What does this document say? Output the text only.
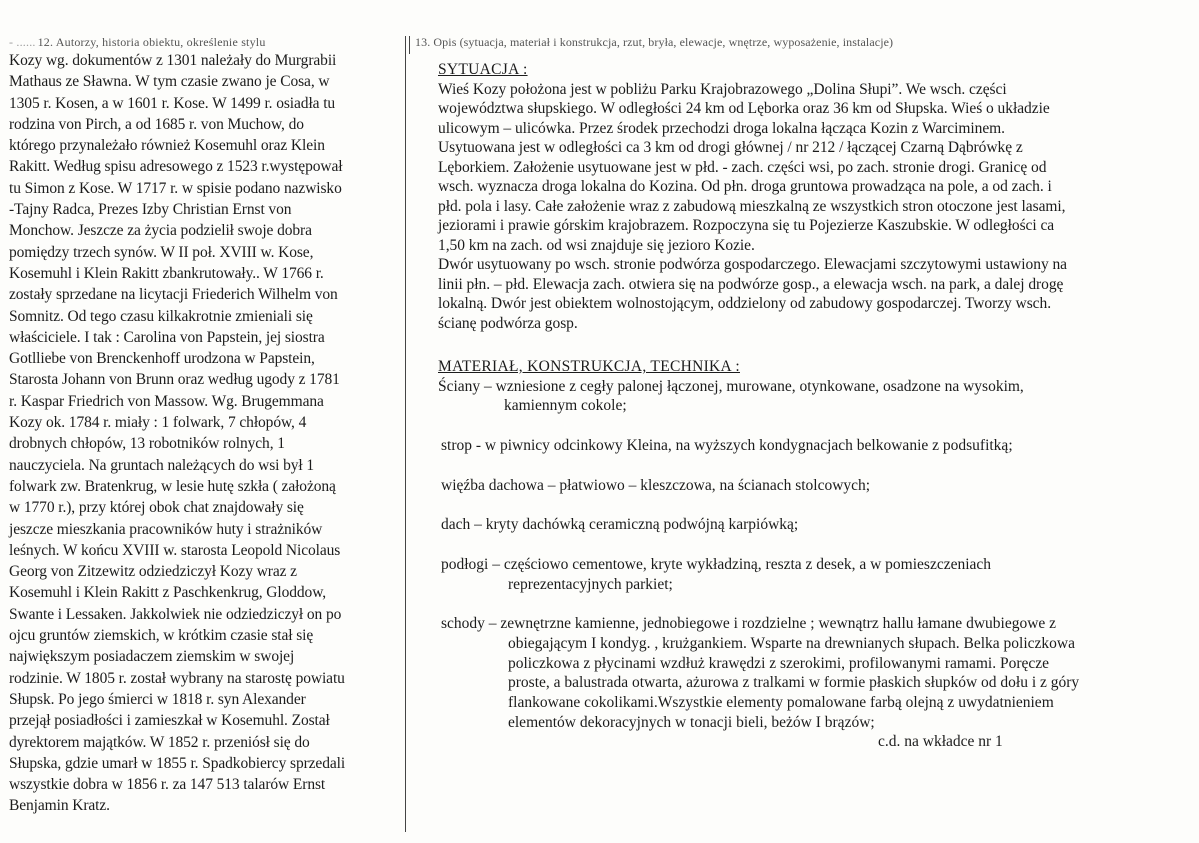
- ...... 12. Autorzy, historia obiektu, określenie stylu
Kozy wg. dokumentów z 1301 należały do Murgrabii
Mathaus ze Sławna. W tym czasie zwano je Cosa, w
1305 r. Kosen, a w 1601 r. Kose. W 1499 r. osiadła tu
rodzina von Pirch, a od 1685 r. von Muchow, do
którego przynależało również Kosemuhl oraz Klein
Rakitt. Według spisu adresowego z 1523 r.występował
tu Simon z Kose. W 1717 r. w spisie podano nazwisko
-Tajny Radca, Prezes Izby Christian Ernst von
Monchow. Jeszcze za życia podzielił swoje dobra
pomiędzy trzech synów. W II poł. XVIII w. Kose,
Kosemuhl i Klein Rakitt zbankrutowały.. W 1766 r.
zostały sprzedane na licytacji Friederich Wilhelm von
Somnitz. Od tego czasu kilkakrotnie zmieniali się
właściciele. I tak : Carolina von Papstein, jej siostra
Gotlliebe von Brenckenhoff urodzona w Papstein,
Starosta Johann von Brunn oraz według ugody z 1781
r. Kaspar Friedrich von Massow. Wg. Brugemmana
Kozy ok. 1784 r. miały : 1 folwark, 7 chłopów, 4
drobnych chłopów, 13 robotników rolnych, 1
nauczyciela. Na gruntach należących do wsi był 1
folwark zw. Bratenkrug, w lesie hutę szkła ( założoną
w 1770 r.), przy której obok chat znajdowały się
jeszcze mieszkania pracowników huty i strażników
leśnych. W końcu XVIII w. starosta Leopold Nicolaus
Georg von Zitzewitz odziedziczył Kozy wraz z
Kosemuhl i Klein Rakitt z Paschkenkrug, Gloddow,
Swante i Lessaken. Jakkolwiek nie odziedziczył on po
ojcu gruntów ziemskich, w krótkim czasie stał się
największym posiadaczem ziemskim w swojej
rodzinie. W 1805 r. został wybrany na starostę powiatu
Słupsk. Po jego śmierci w 1818 r. syn Alexander
przejął posiadłości i zamieszkał w Kosemuhl. Został
dyrektorem majątków. W 1852 r. przeniósł się do
Słupska, gdzie umarł w 1855 r. Spadkobiercy sprzedali
wszystkie dobra w 1856 r. za 147 513 talarów Ernst
Benjamin Kratz.
13. Opis (sytuacja, materiał i konstrukcja, rzut, bryła, elewacje, wnętrze, wyposażenie, instalacje)
SYTUACJA :
Wieś Kozy położona jest w pobliżu Parku Krajobrazowego „Dolina Słupi”. We wsch. części
województwa słupskiego. W odległości 24 km od Lęborka oraz 36 km od Słupska. Wieś o układzie
ulicowym – ulicówka. Przez środek przechodzi droga lokalna łącząca Kozin z Warciminem.
Usytuowana jest w odległości ca 3 km od drogi głównej / nr 212 / łączącej Czarną Dąbrówkę z
Lęborkiem. Założenie usytuowane jest w płd. - zach. części wsi, po zach. stronie drogi. Granicę od
wsch. wyznacza droga lokalna do Kozina. Od płn. droga gruntowa prowadząca na pole, a od zach. i
płd. pola i lasy. Całe założenie wraz z zabudową mieszkalną ze wszystkich stron otoczone jest lasami,
jeziorami i prawie górskim krajobrazem. Rozpoczyna się tu Pojezierze Kaszubskie. W odległości ca
1,50 km na zach. od wsi znajduje się jezioro Kozie.
Dwór usytuowany po wsch. stronie podwórza gospodarczego. Elewacjami szczytowymi ustawiony na
linii płn. – płd. Elewacja zach. otwiera się na podwórze gosp., a elewacja wsch. na park, a dalej drogę
lokalną. Dwór jest obiektem wolnostojącym, oddzielony od zabudowy gospodarczej. Tworzy wsch.
ścianę podwórza gosp.
MATERIAŁ, KONSTRUKCJA, TECHNIKA :
Ściany – wzniesione z cegły palonej łączonej, murowane, otynkowane, osadzone na wysokim,
kamiennym cokole;
strop - w piwnicy odcinkowy Kleina, na wyższych kondygnacjach belkowanie z podsufitką;
więźba dachowa – płatwiowo – kleszczowa, na ścianach stolcowych;
dach – kryty dachówką ceramiczną podwójną karpiówką;
podłogi – częściowo cementowe, kryte wykładziną, reszta z desek, a w pomieszczeniach
reprezentacyjnych parkiet;
schody – zewnętrzne kamienne, jednobiegowe i rozdzielne ; wewnątrz hallu łamane dwubiegowe z
obiegającym I kondyg. , krużgankiem. Wsparte na drewnianych słupach. Belka policzkowa
policzkowa z płycinami wzdłuż krawędzi z szerokimi, profilowanymi ramami. Poręcze
proste, a balustrada otwarta, ażurowa z tralkami w formie płaskich słupków od dołu i z góry
flankowane cokolikami.Wszystkie elementy pomalowane farbą olejną z uwydatnieniem
elementów dekoracyjnych w tonacji bieli, beżów I brązów;
c.d. na wkładce nr 1
